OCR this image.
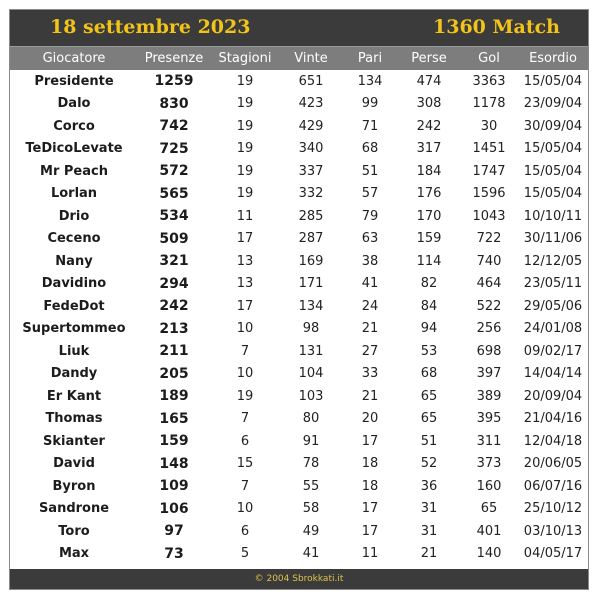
18 settembre 2023	1360 Match
Giocatore	Presenze	Stagioni	Vinte	Pari	Perse	Gol	Esordio
Presidente	1259	19	651	134	474	3363	15/05/04
Dalo	830	19	423	99	308	1178	23/09/04
Corco	742	19	429	71	242	30	30/09/04
TeDicoLevate	725	19	340	68	317	1451	15/05/04
Mr Peach	572	19	337	51	184	1747	15/05/04
Lorlan	565	19	332	57	176	1596	15/05/04
Drio	534	11	285	79	170	1043	10/10/11
Ceceno	509	17	287	63	159	722	30/11/06
Nany	321	13	169	38	114	740	12/12/05
Davidino	294	13	171	41	82	464	23/05/11
FedeDot	242	17	134	24	84	522	29/05/06
Supertommeo	213	10	98	21	94	256	24/01/08
Liuk	211	7	131	27	53	698	09/02/17
Dandy	205	10	104	33	68	397	14/04/14
Er Kant	189	19	103	21	65	389	20/09/04
Thomas	165	7	80	20	65	395	21/04/16
Skianter	159	6	91	17	51	311	12/04/18
David	148	15	78	18	52	373	20/06/05
Byron	109	7	55	18	36	160	06/07/16
Sandrone	106	10	58	17	31	65	25/10/12
Toro	97	6	49	17	31	401	03/10/13
Max	73	5	41	11	21	140	04/05/17
© 2004 Sbrokkati.it
